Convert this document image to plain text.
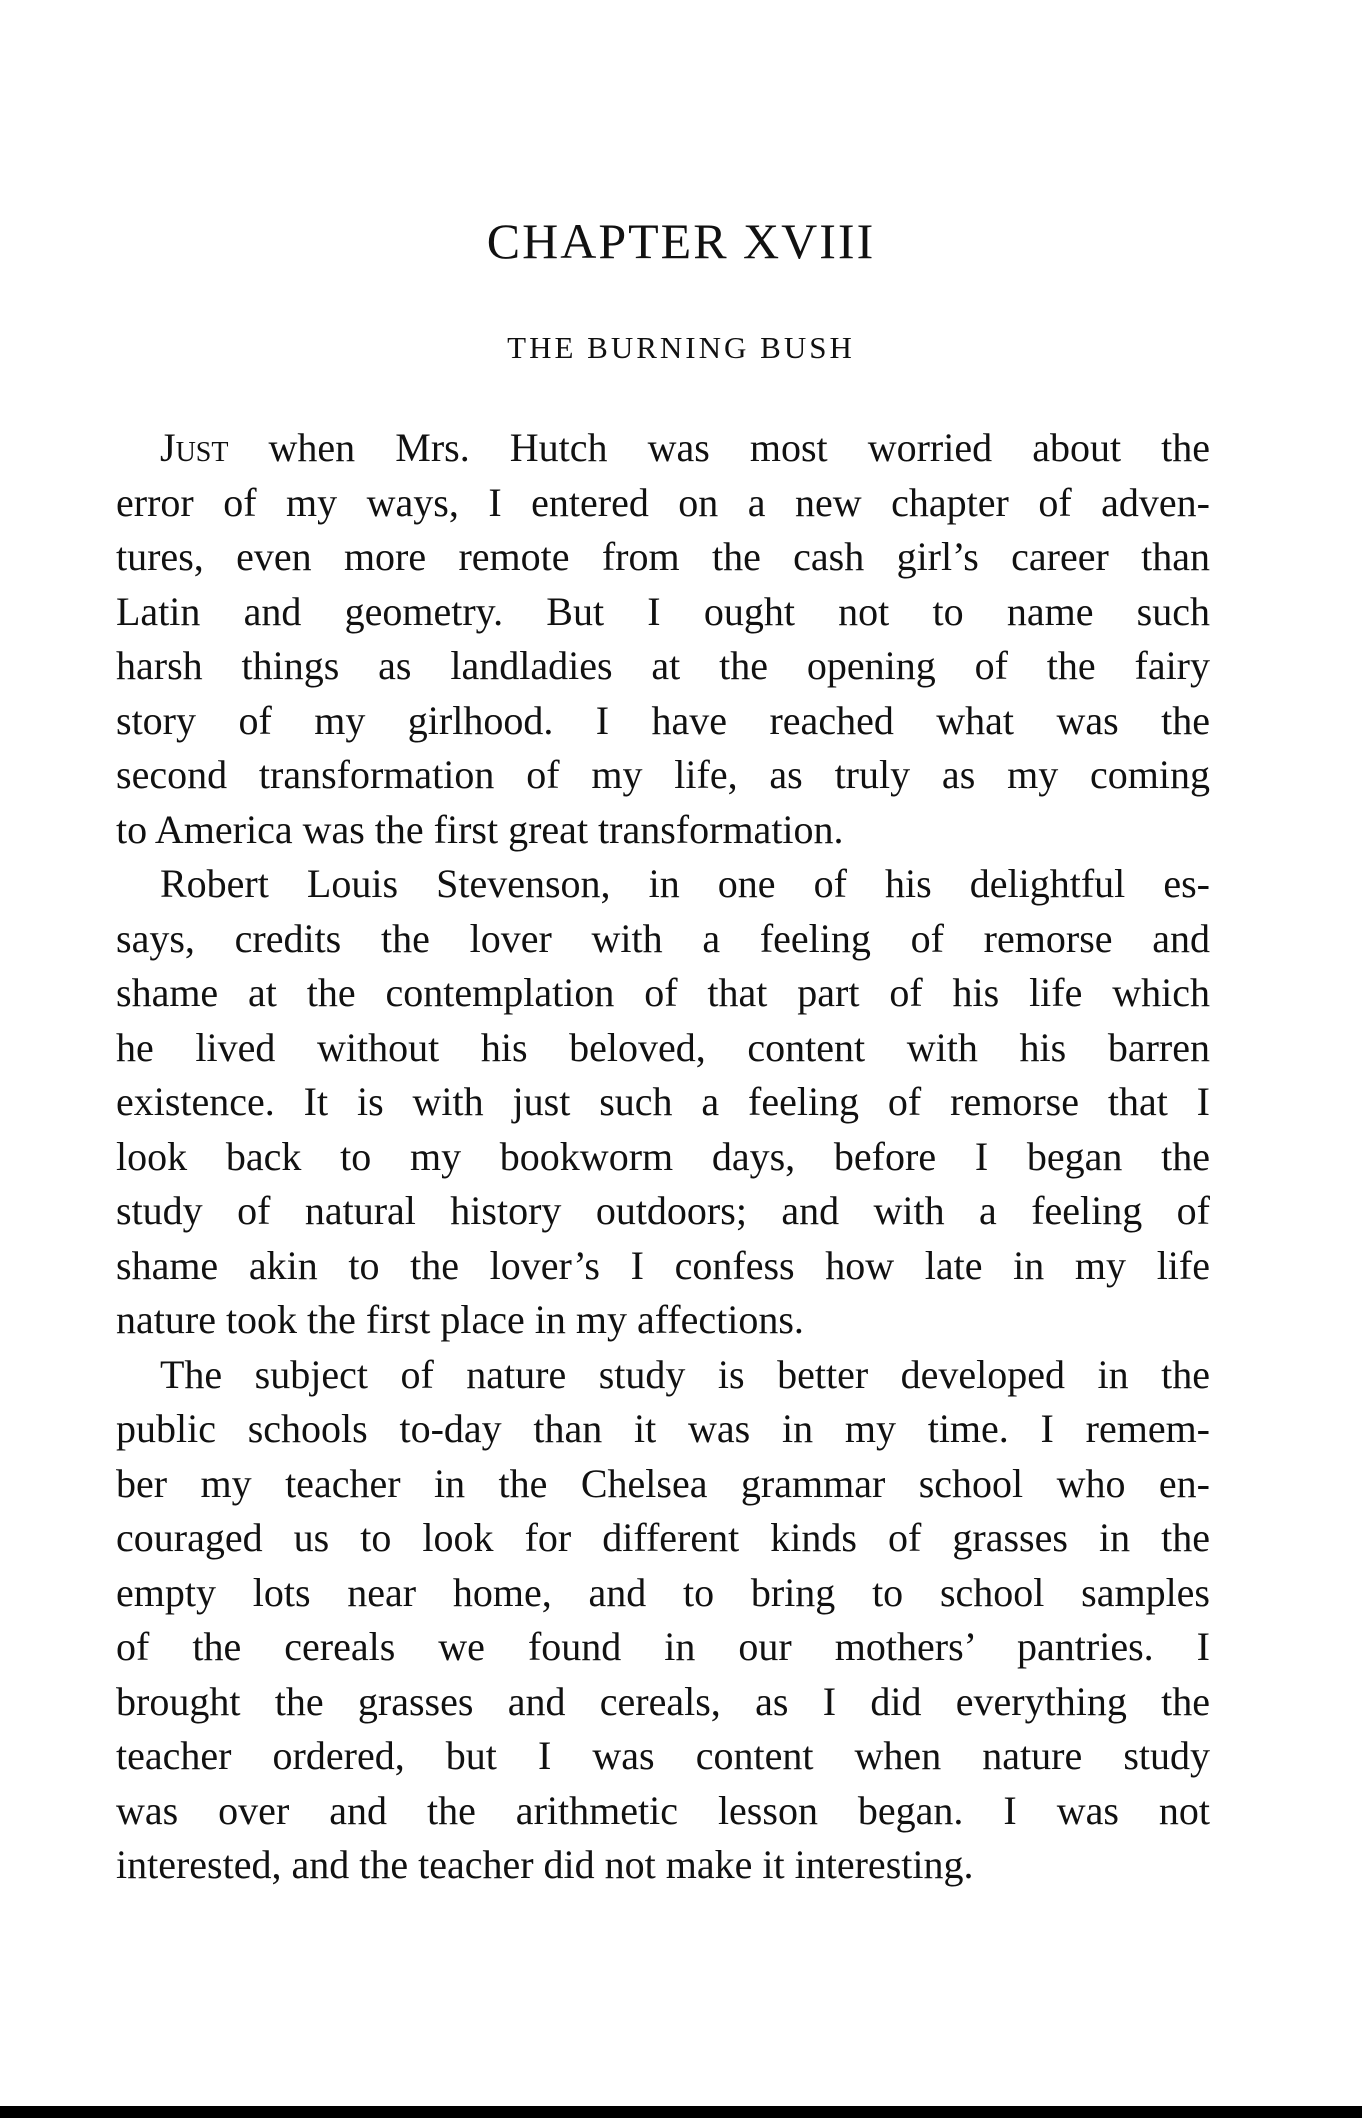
CHAPTER XVIII
THE BURNING BUSH
Just when Mrs. Hutch was most worried about the
error of my ways, I entered on a new chapter of adven-
tures, even more remote from the cash girl’s career than
Latin and geometry. But I ought not to name such
harsh things as landladies at the opening of the fairy
story of my girlhood. I have reached what was the
second transformation of my life, as truly as my coming
to America was the first great transformation.
Robert Louis Stevenson, in one of his delightful es-
says, credits the lover with a feeling of remorse and
shame at the contemplation of that part of his life which
he lived without his beloved, content with his barren
existence. It is with just such a feeling of remorse that I
look back to my bookworm days, before I began the
study of natural history outdoors; and with a feeling of
shame akin to the lover’s I confess how late in my life
nature took the first place in my affections.
The subject of nature study is better developed in the
public schools to-day than it was in my time. I remem-
ber my teacher in the Chelsea grammar school who en-
couraged us to look for different kinds of grasses in the
empty lots near home, and to bring to school samples
of the cereals we found in our mothers’ pantries. I
brought the grasses and cereals, as I did everything the
teacher ordered, but I was content when nature study
was over and the arithmetic lesson began. I was not
interested, and the teacher did not make it interesting.
